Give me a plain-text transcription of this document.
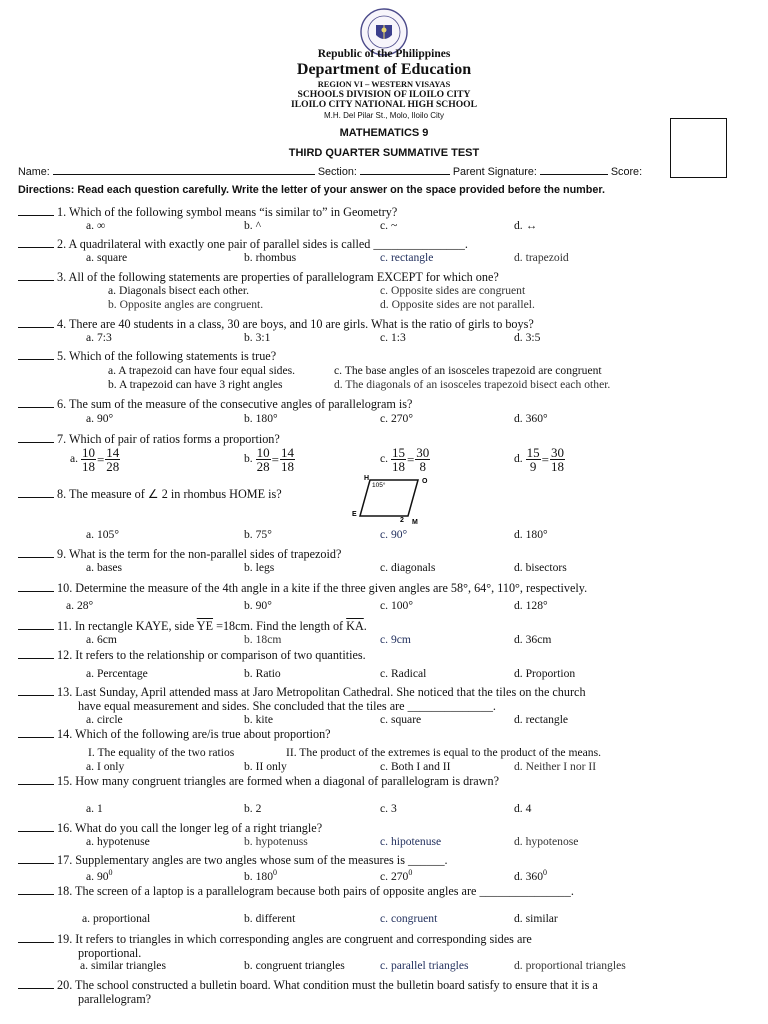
Republic of the Philippines
Department of Education
REGION VI – WESTERN VISAYAS
SCHOOLS DIVISION OF ILOILO CITY
ILOILO CITY NATIONAL HIGH SCHOOL
M.H. Del Pilar St., Molo, Iloilo City
MATHEMATICS 9
THIRD QUARTER SUMMATIVE TEST
Name:	Section:	Parent Signature:	Score:
Directions: Read each question carefully. Write the letter of your answer on the space provided before the number.
1. Which of the following symbol means “is similar to” in Geometry?
a. ∞	b. ^	c. ~	d. ↔
2. A quadrilateral with exactly one pair of parallel sides is called _______________.
a. square	b. rhombus	c. rectangle	d. trapezoid
3. All of the following statements are properties of parallelogram EXCEPT for which one?
a. Diagonals bisect each other.	c. Opposite sides are congruent
b. Opposite angles are congruent.	d. Opposite sides are not parallel.
4. There are 40 students in a class, 30 are boys, and 10 are girls. What is the ratio of girls to boys?
a. 7:3	b. 3:1	c. 1:3	d. 3:5
5. Which of the following statements is true?
a. A trapezoid can have four equal sides.	c. The base angles of an isosceles trapezoid are congruent
b. A trapezoid can have 3 right angles	d. The diagonals of an isosceles trapezoid bisect each other.
6. The sum of the measure of the consecutive angles of parallelogram is?
a. 90°	b. 180°	c. 270°	d. 360°
7. Which of pair of ratios forms a proportion?
a. $\frac{10}{18} = \frac{14}{28}$	b. $\frac{10}{28} = \frac{14}{18}$	c. $\frac{15}{18} = \frac{30}{8}$	d. $\frac{15}{9} = \frac{30}{18}$
8. The measure of ∠ 2 in rhombus HOME is?
H	O
E
M
105°
2
a. 105°	b. 75°	c. 90°	d. 180°
9. What is the term for the non-parallel sides of trapezoid?
a. bases	b. legs	c. diagonals	d. bisectors
10. Determine the measure of the 4th angle in a kite if the three given angles are 58°, 64°, 110°, respectively.
a. 28°	b. 90°	c. 100°	d. 128°
11. In rectangle KAYE, side $\overline{YE} =18cm$. Find the length of $\overline{KA}$.
a. 6cm	b. 18cm	c. 9cm	d. 36cm
12. It refers to the relationship or comparison of two quantities.
a. Percentage	b. Ratio	c. Radical	d. Proportion
13. Last Sunday, April attended mass at Jaro Metropolitan Cathedral. She noticed that the tiles on the church
have equal measurement and sides. She concluded that the tiles are ______________.
a. circle	b. kite	c. square	d. rectangle
14. Which of the following are/is true about proportion?
I. The equality of the two ratios	II. The product of the extremes is equal to the product of the means.
a. I only	b. II only	c. Both I and II	d. Neither I nor II
15. How many congruent triangles are formed when a diagonal of parallelogram is drawn?
a. 1	b. 2	c. 3	d. 4
16. What do you call the longer leg of a right triangle?
a. hypotenuse	b. hypotenuss	c. hipotenuse	d. hypotenose
17. Supplementary angles are two angles whose sum of the measures is ______.
a. $90^0$	b. $180^0$	c. $270^0$	d. $360^0$
18. The screen of a laptop is a parallelogram because both pairs of opposite angles are _______________.
a. proportional	b. different	c. congruent	d. similar
19. It refers to triangles in which corresponding angles are congruent and corresponding sides are
proportional.
a. similar triangles	b. congruent triangles	c. parallel triangles	d. proportional triangles
20. The school constructed a bulletin board. What condition must the bulletin board satisfy to ensure that it is a
parallelogram?
